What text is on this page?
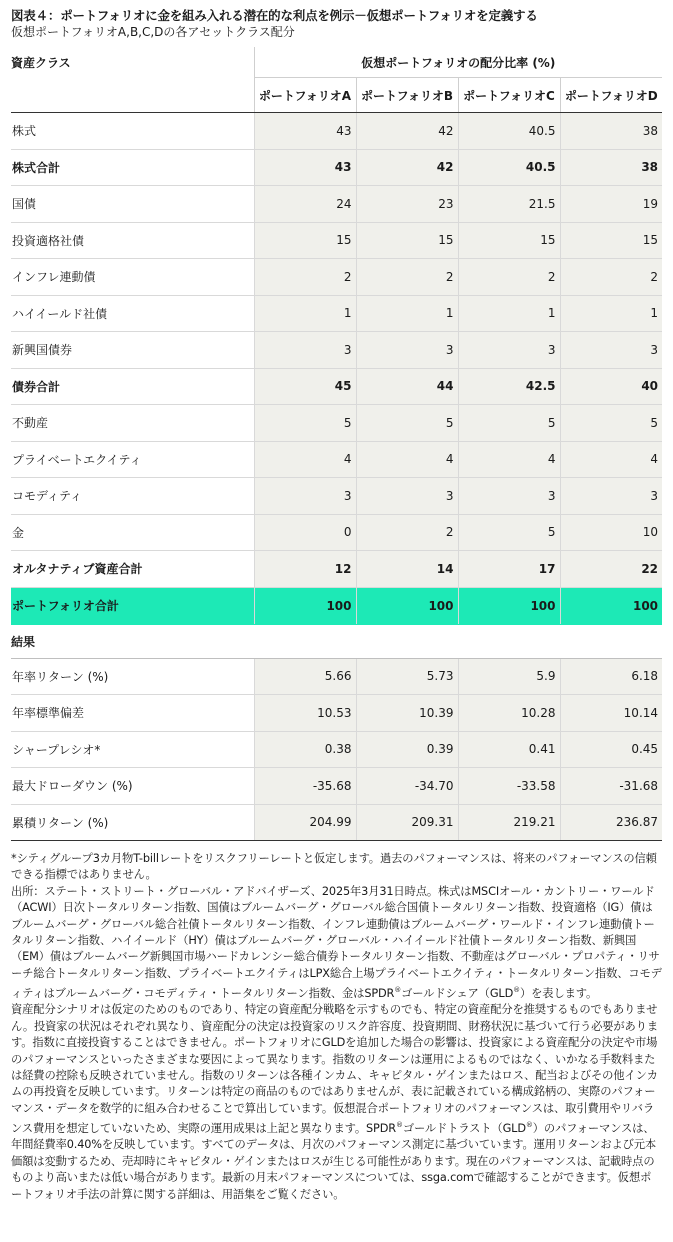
図表４：ポートフォリオに金を組み入れる潜在的な利点を例示－仮想ポートフォリオを定義する
仮想ポートフォリオA,B,C,Dの各アセットクラス配分
資産クラス	仮想ポートフォリオの配分比率 (%)			
	ポートフォリオA	ポートフォリオB	ポートフォリオC	ポートフォリオD
株式	43	42	40.5	38
株式合計	43	42	40.5	38
国債	24	23	21.5	19
投資適格社債	15	15	15	15
インフレ連動債	2	2	2	2
ハイイールド社債	1	1	1	1
新興国債券	3	3	3	3
債券合計	45	44	42.5	40
不動産	5	5	5	5
プライベートエクイティ	4	4	4	4
コモディティ	3	3	3	3
金	0	2	5	10
オルタナティブ資産合計	12	14	17	22
ポートフォリオ合計	100	100	100	100
結果				
年率リターン (%)	5.66	5.73	5.9	6.18
年率標準偏差	10.53	10.39	10.28	10.14
シャープレシオ*	0.38	0.39	0.41	0.45
最大ドローダウン (%)	-35.68	-34.70	-33.58	-31.68
累積リターン (%)	204.99	209.31	219.21	236.87

*シティグループ3カ月物T-billレートをリスクフリーレートと仮定します。過去のパフォーマンスは、将来のパフォーマンスの信頼できる指標ではありません。

出所：ステート・ストリート・グローバル・アドバイザーズ、2025年3月31日時点。株式はMSCIオール・カントリー・ワールド（ACWI）日次トータルリターン指数、国債はブルームバーグ・グローバル総合国債トータルリターン指数、投資適格（IG）債はブルームバーグ・グローバル総合社債トータルリターン指数、インフレ連動債はブルームバーグ・ワールド・インフレ連動債トータルリターン指数、ハイイールド（HY）債はブルームバーグ・グローバル・ハイイールド社債トータルリターン指数、新興国（EM）債はブルームバーグ新興国市場ハードカレンシー総合債券トータルリターン指数、不動産はグローバル・プロパティ・リサーチ総合トータルリターン指数、プライベートエクイティはLPX総合上場プライベートエクイティ・トータルリターン指数、コモディティはブルームバーグ・コモディティ・トータルリターン指数、金はSPDR®ゴールドシェア（GLD®）を表します。

資産配分シナリオは仮定のためのものであり、特定の資産配分戦略を示すものでも、特定の資産配分を推奨するものでもありません。投資家の状況はそれぞれ異なり、資産配分の決定は投資家のリスク許容度、投資期間、財務状況に基づいて行う必要があります。指数に直接投資することはできません。ポートフォリオにGLDを追加した場合の影響は、投資家による資産配分の決定や市場のパフォーマンスといったさまざまな要因によって異なります。指数のリターンは運用によるものではなく、いかなる手数料または経費の控除も反映されていません。指数のリターンは各種インカム、キャピタル・ゲインまたはロス、配当およびその他インカムの再投資を反映しています。リターンは特定の商品のものではありませんが、表に記載されている構成銘柄の、実際のパフォーマンス・データを数学的に組み合わせることで算出しています。仮想混合ポートフォリオのパフォーマンスは、取引費用やリバランス費用を想定していないため、実際の運用成果は上記と異なります。SPDR®ゴールドトラスト（GLD®）のパフォーマンスは、年間経費率0.40%を反映しています。すべてのデータは、月次のパフォーマンス測定に基づいています。運用リターンおよび元本価額は変動するため、売却時にキャピタル・ゲインまたはロスが生じる可能性があります。現在のパフォーマンスは、記載時点のものより高いまたは低い場合があります。最新の月末パフォーマンスについては、ssga.comで確認することができます。仮想ポートフォリオ手法の計算に関する詳細は、用語集をご覧ください。
